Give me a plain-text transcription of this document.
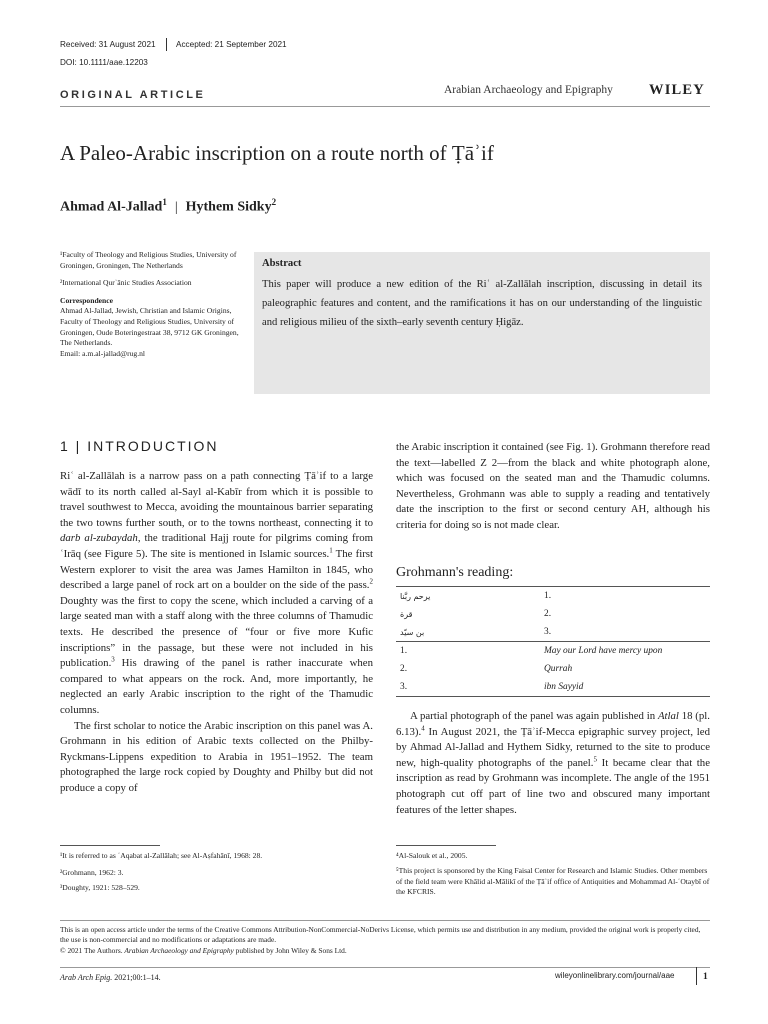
Received: 31 August 2021 Accepted: 21 September 2021
DOI: 10.1111/aae.12203
ORIGINAL ARTICLE	Arabian Archaeology and Epigraphy WILEY
A Paleo-Arabic inscription on a route north of Ṭāʾif
Ahmad Al-Jallad$^1$ | Hythem Sidky$^2$

¹Faculty of Theology and Religious Studies, University of Groningen, Groningen, The Netherlands

²International Qurʾānic Studies Association

Correspondence

Ahmad Al-Jallad, Jewish, Christian and Islamic Origins, Faculty of Theology and Religious Studies, University of Groningen, Oude Boteringestraat 38, 9712 GK Groningen, The Netherlands.

Email: a.m.al-jallad@rug.nl

Abstract
This paper will produce a new edition of the Riʿ al-Zallālah inscription, discussing in detail its paleographic features and content, and the ramifications it has on our understanding of the linguistic and religious milieu of the sixth–early seventh century Ḥigāz.
1 | INTRODUCTION

Riʿ al-Zallālah is a narrow pass on a path connecting Ṭāʾif to a large wādī to its north called al-Sayl al-Kabīr from which it is possible to travel southwest to Mecca, avoiding the mountainous barrier separating the two towns further south, or to the towns northeast, connecting it to darb al-zubaydah, the traditional Hajj route for pilgrims coming from ʿIrāq (see Figure 5). The site is mentioned in Islamic sources.$^1$ The first Western explorer to visit the area was James Hamilton in 1845, who described a large panel of rock art on a boulder on the side of the pass.$^2$ Doughty was the first to copy the scene, which included a carving of a large seated man with a staff along with the three columns of Thamudic texts. He described the presence of “four or five more Kufic inscriptions” in the passage, but these were not included in his publication.$^3$ His drawing of the panel is rather inaccurate when compared to what appears on the rock. And, more importantly, he neglected an early Arabic inscription to the right of the Thamudic columns.

The first scholar to notice the Arabic inscription on this panel was A. Grohmann in his edition of Arabic texts collected on the Philby-Ryckmans-Lippens expedition to Arabia in 1951–1952. The team photographed the large rock copied by Doughty and Philby but did not produce a copy of

the Arabic inscription it contained (see Fig. 1). Grohmann therefore read the text—labelled Z 2—from the black and white photograph alone, which was focused on the seated man and the Thamudic columns. Nevertheless, Grohmann was able to supply a reading and tentatively date the inscription to the first or second century AH, although his criteria for doing so is not made clear.

Grohmann's reading:
يرحم ربَّنا	1.
قرة	2.
بن سيّد	3.
1.	May our Lord have mercy upon
2.	Qurrah
3.	ibn Sayyid

A partial photograph of the panel was again published in Atlal 18 (pl. 6.13).$^4$ In August 2021, the Ṭāʾif-Mecca epigraphic survey project, led by Ahmad Al-Jallad and Hythem Sidky, returned to the site to produce new, high-quality photographs of the panel.$^5$ It became clear that the inscription as read by Grohmann was incomplete. The angle of the 1951 photograph cut off part of line two and obscured many important features of the letter shapes.

¹It is referred to as ʿAqabat al-Zallālah; see Al-Aṣfahānī, 1968: 28.
²Grohmann, 1962: 3.
³Doughty, 1921: 528–529.
⁴Al-Salouk et al., 2005.
⁵This project is sponsored by the King Faisal Center for Research and Islamic Studies. Other members of the field team were Khālid al-Mālikī of the Ṭāʾif office of Antiquities and Mohammad Al-ʿOtaybī of the KFCRIS.
This is an open access article under the terms of the Creative Commons Attribution-NonCommercial-NoDerivs License, which permits use and distribution in any medium, provided the original work is properly cited, the use is non-commercial and no modifications or adaptations are made.
© 2021 The Authors. Arabian Archaeology and Epigraphy published by John Wiley & Sons Ltd.
Arab Arch Epig. 2021;00:1–14.	wileyonlinelibrary.com/journal/aae	1
